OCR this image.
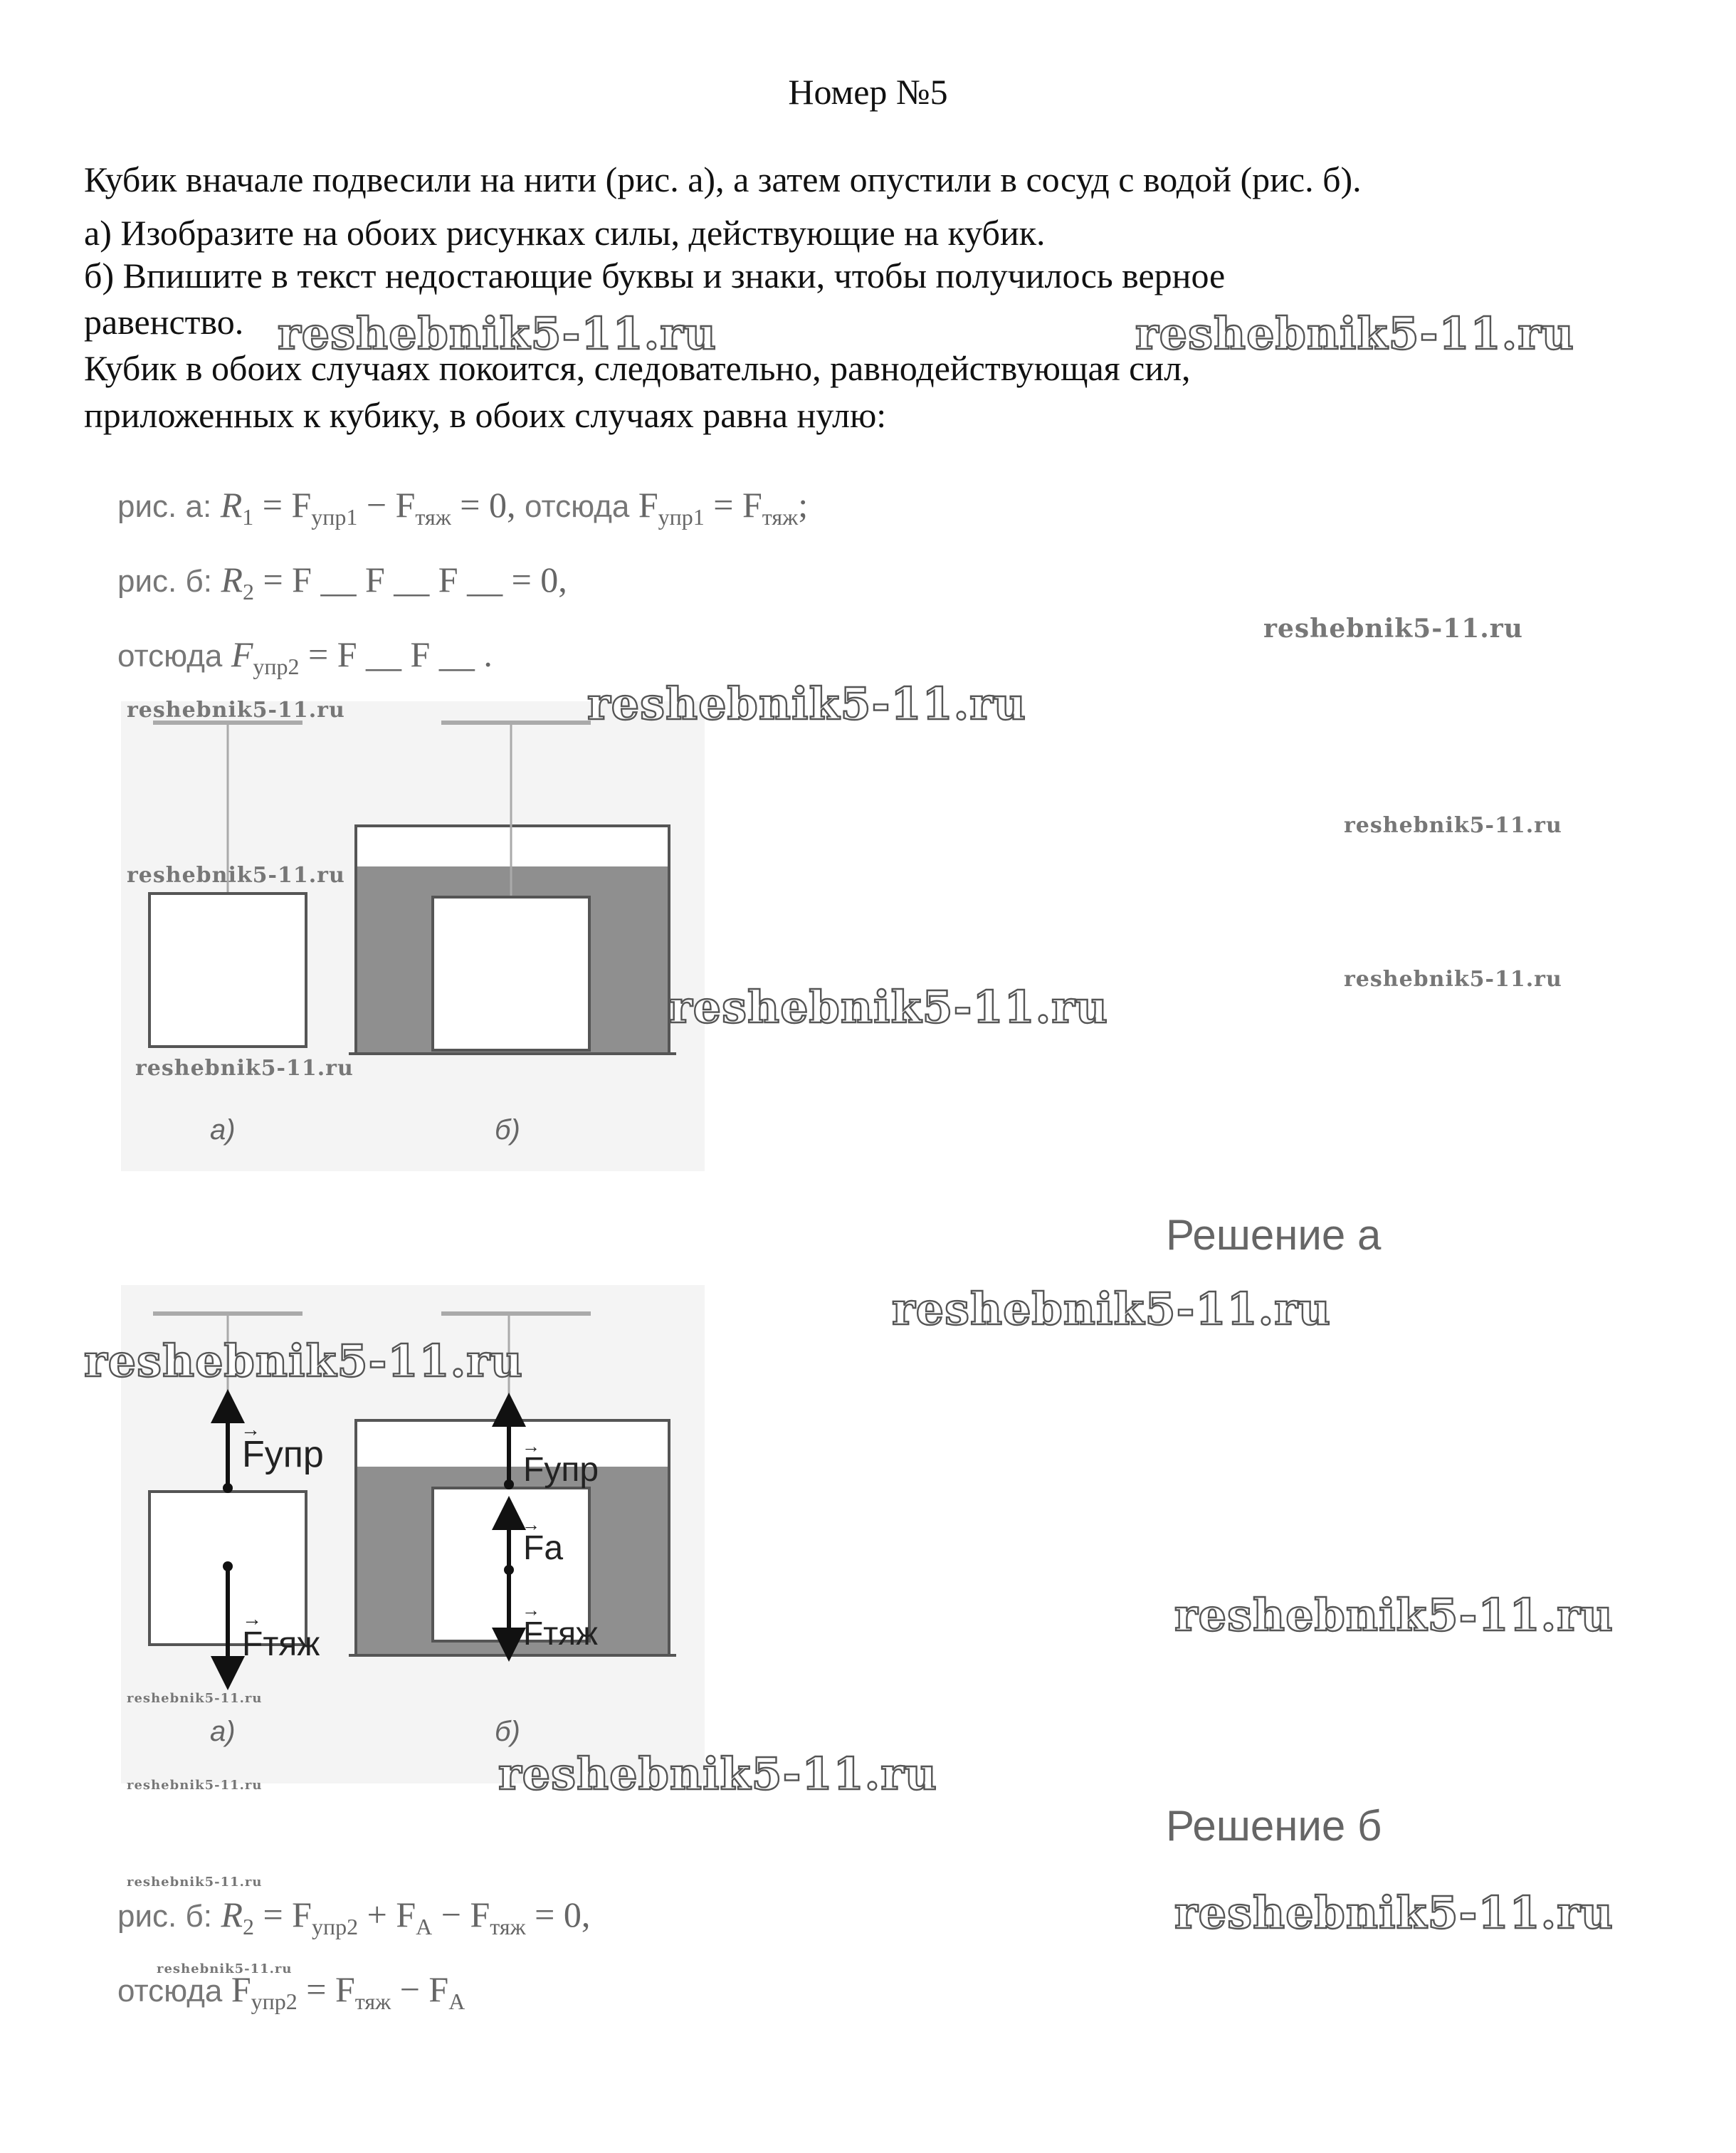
Номер №5
Кубик вначале подвесили на нити (рис. а), а затем опустили в сосуд с водой (рис. б).
а) Изобразите на обоих рисунках силы, действующие на кубик.
б) Впишите в текст недостающие буквы и знаки, чтобы получилось верное
равенство.
Кубик в обоих случаях покоится, следовательно, равнодействующая сил,
приложенных к кубику, в обоих случаях равна нулю:
рис. а: $R_1 = F_{упр1} - F_{тяж} = 0$, отсюда $F_{упр1} = F_{тяж}$;
рис. б: $R_2 = F$ __ F __ F __ = 0,
отсюда $F_{упр2} = F$ __ F __ .
а)	б)
Решение а
Fупр
→
Fтяж
→
Fупр
→
Fa
→
Fтяж
→
а)	б)
Решение б
рис. б: $R_2 = F_{упр2} + F_A - F_{тяж} = 0$,
отсюда $F_{упр2} = F_{тяж} - F_A$
reshebnik5-11.ru	reshebnik5-11.ru
reshebnik5-11.ru
reshebnik5-11.ru
reshebnik5-11.ru
reshebnik5-11.ru
reshebnik5-11.ru
reshebnik5-11.ru
reshebnik5-11.ru
reshebnik5-11.ru
reshebnik5-11.ru
reshebnik5-11.ru
reshebnik5-11.ru
reshebnik5-11.ru
reshebnik5-11.ru
reshebnik5-11.ru
reshebnik5-11.ru
reshebnik5-11.ru
reshebnik5-11.ru
